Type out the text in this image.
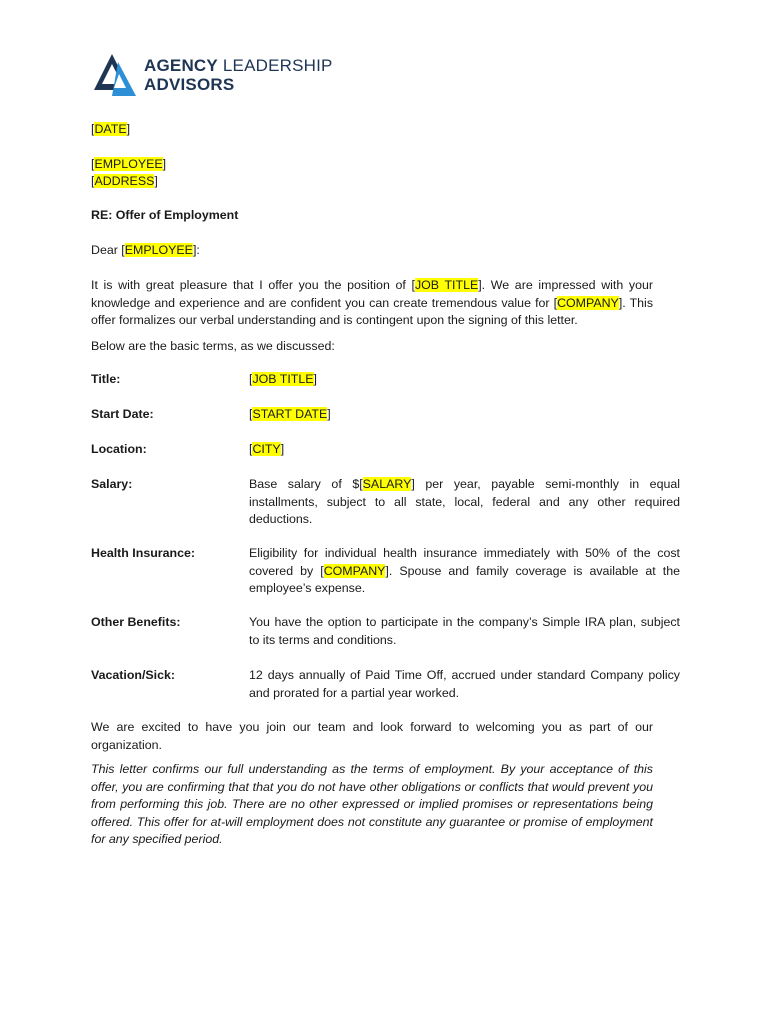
AGENCY LEADERSHIP
ADVISORS
[DATE]
[EMPLOYEE]
[ADDRESS]
RE: Offer of Employment
Dear [EMPLOYEE]:
It is with great pleasure that I offer you the position of [JOB TITLE]. We are impressed with your knowledge and experience and are confident you can create tremendous value for [COMPANY]. This offer formalizes our verbal understanding and is contingent upon the signing of this letter.
Below are the basic terms, as we discussed:
Title:	[JOB TITLE]
Start Date:	[START DATE]
Location:	[CITY]
Salary:	Base salary of $[SALARY] per year, payable semi-monthly in equal installments, subject to all state, local, federal and any other required deductions.
Health Insurance:	Eligibility for individual health insurance immediately with 50% of the cost covered by [COMPANY]. Spouse and family coverage is available at the employee’s expense.
Other Benefits:	You have the option to participate in the company’s Simple IRA plan, subject to its terms and conditions.
Vacation/Sick:	12 days annually of Paid Time Off, accrued under standard Company policy and prorated for a partial year worked.
We are excited to have you join our team and look forward to welcoming you as part of our organization.
This letter confirms our full understanding as the terms of employment. By your acceptance of this offer, you are confirming that that you do not have other obligations or conflicts that would prevent you from performing this job. There are no other expressed or implied promises or representations being offered. This offer for at-will employment does not constitute any guarantee or promise of employment for any specified period.
